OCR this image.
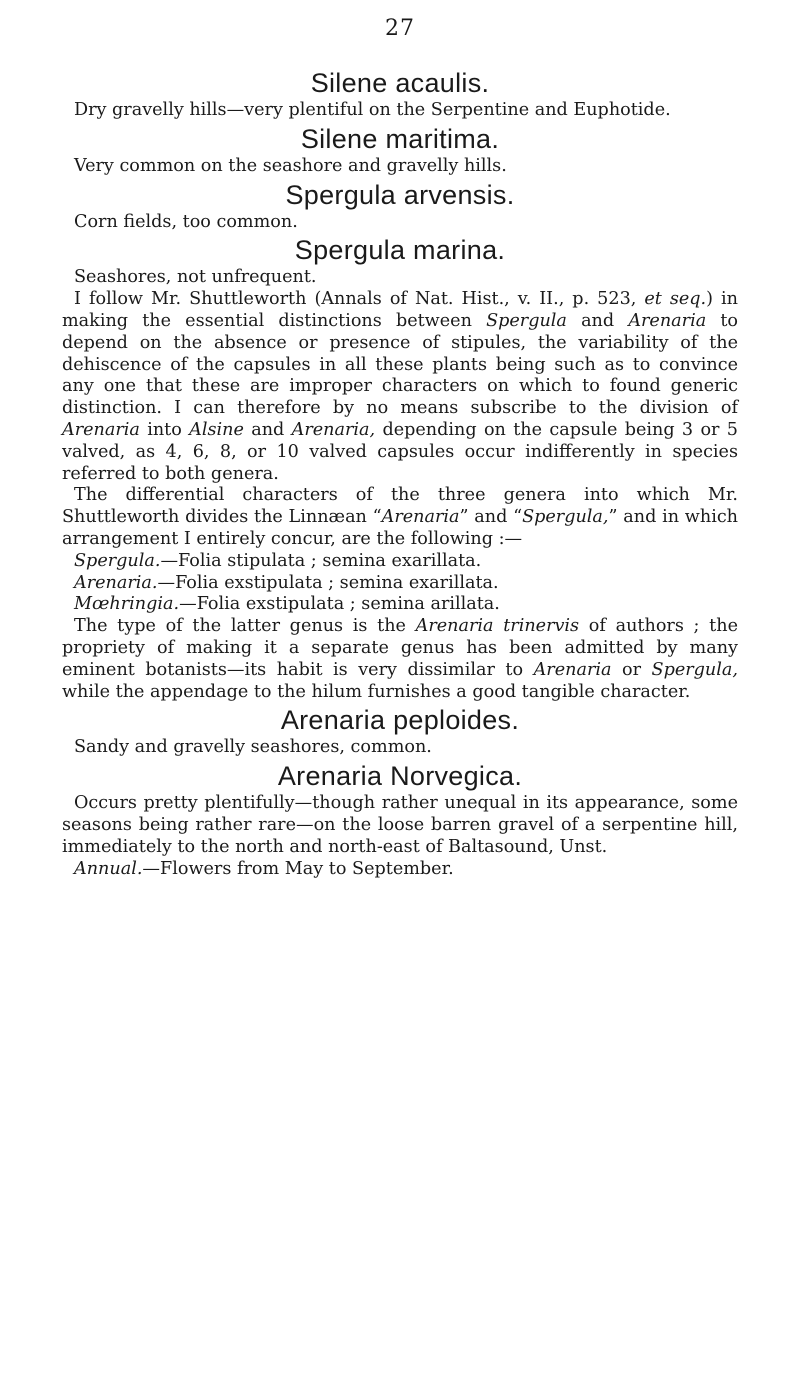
27
Silene acaulis.

Dry gravelly hills—very plentiful on the Serpentine and Euphotide.

Silene maritima.

Very common on the seashore and gravelly hills.

Spergula arvensis.

Corn fields, too common.

Spergula marina.

Seashores, not unfrequent.

I follow Mr. Shuttleworth (Annals of Nat. Hist., v. II., p. 523, et seq.) in making the essential distinctions between Spergula and Arenaria to depend on the absence or presence of stipules, the variability of the dehiscence of the capsules in all these plants being such as to convince any one that these are improper characters on which to found generic distinction. I can therefore by no means subscribe to the division of Arenaria into Alsine and Arenaria, depending on the capsule being 3 or 5 valved, as 4, 6, 8, or 10 valved capsules occur indifferently in species referred to both genera.

The differential characters of the three genera into which Mr. Shuttleworth divides the Linnæan “Arenaria” and “Spergula,” and in which arrangement I entirely concur, are the following :—

Spergula.—Folia stipulata ; semina exarillata.

Arenaria.—Folia exstipulata ; semina exarillata.

Mœhringia.—Folia exstipulata ; semina arillata.

The type of the latter genus is the Arenaria trinervis of authors ; the propriety of making it a separate genus has been admitted by many eminent botanists—its habit is very dissimilar to Arenaria or Spergula, while the appendage to the hilum furnishes a good tangible character.

Arenaria peploides.

Sandy and gravelly seashores, common.

Arenaria Norvegica.

Occurs pretty plentifully—though rather unequal in its appearance, some seasons being rather rare—on the loose barren gravel of a serpentine hill, immediately to the north and north-east of Baltasound, Unst.

Annual.—Flowers from May to September.
